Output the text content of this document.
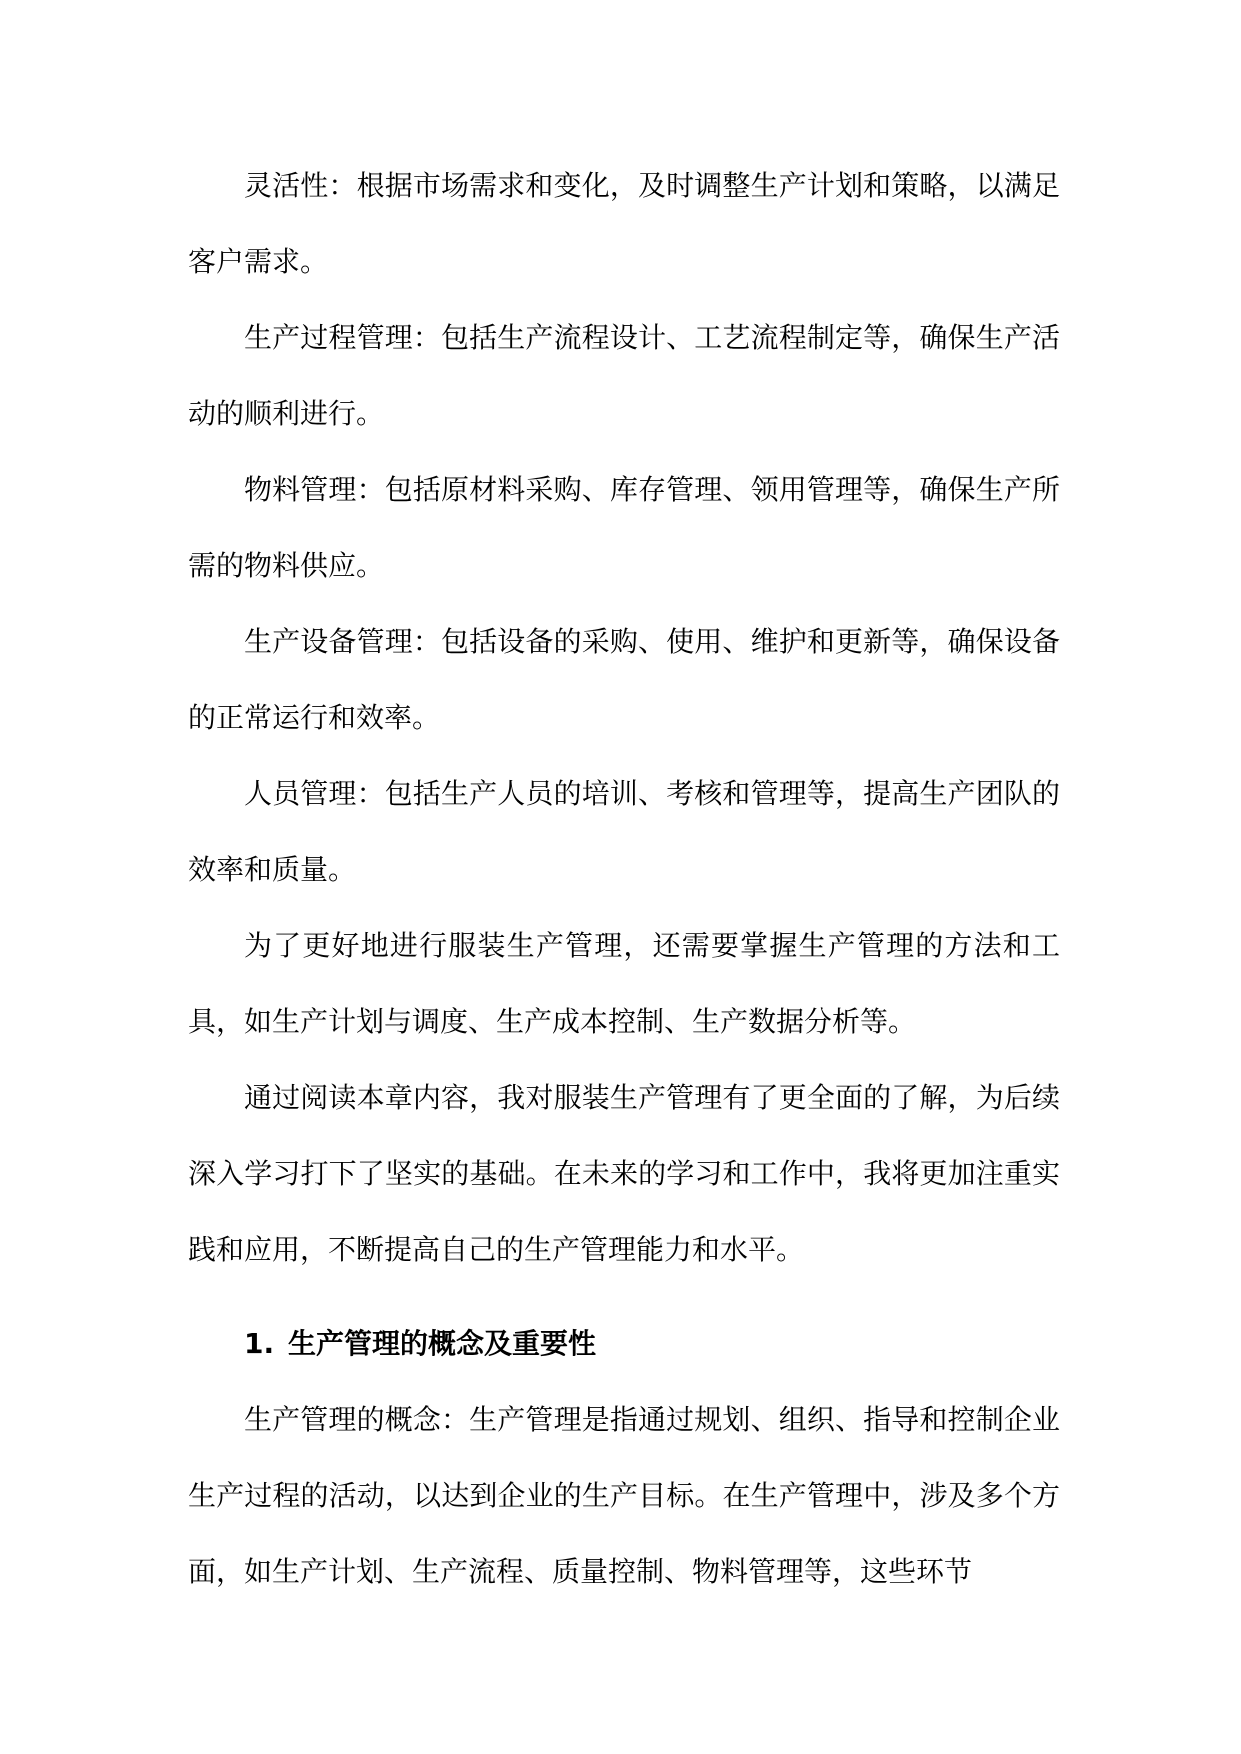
灵活性：根据市场需求和变化，及时调整生产计划和策略，以满足客户需求。

生产过程管理：包括生产流程设计、工艺流程制定等，确保生产活动的顺利进行。

物料管理：包括原材料采购、库存管理、领用管理等，确保生产所需的物料供应。

生产设备管理：包括设备的采购、使用、维护和更新等，确保设备的正常运行和效率。

人员管理：包括生产人员的培训、考核和管理等，提高生产团队的效率和质量。

为了更好地进行服装生产管理，还需要掌握生产管理的方法和工具，如生产计划与调度、生产成本控制、生产数据分析等。

通过阅读本章内容，我对服装生产管理有了更全面的了解，为后续深入学习打下了坚实的基础。在未来的学习和工作中，我将更加注重实践和应用，不断提高自己的生产管理能力和水平。

1. 生产管理的概念及重要性

生产管理的概念：生产管理是指通过规划、组织、指导和控制企业生产过程的活动，以达到企业的生产目标。在生产管理中，涉及多个方面，如生产计划、生产流程、质量控制、物料管理等，这些环节
